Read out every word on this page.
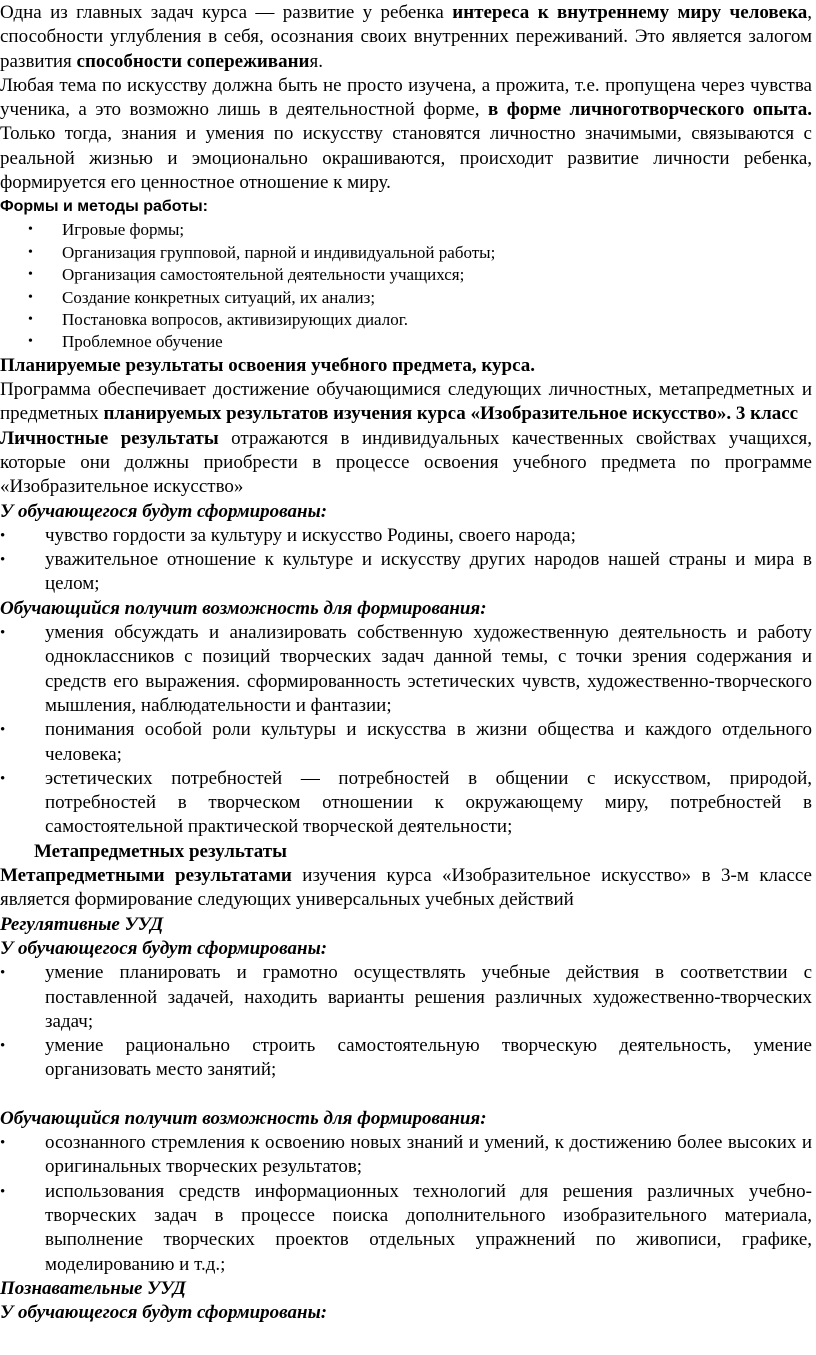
Одна из главных задач курса — развитие у ребенка интереса к внутреннему миру человека, способности углубления в себя, осознания своих внутренних переживаний. Это является залогом развития способности сопереживания.

Любая тема по искусству должна быть не просто изучена, а прожита, т.е. пропущена через чувства ученика, а это возможно лишь в деятельностной форме, в форме личноготворческого опыта. Только тогда, знания и умения по искусству становятся личностно значимыми, связываются с реальной жизнью и эмоционально окрашиваются, происходит развитие личности ребенка, формируется его ценностное отношение к миру.

Формы и методы работы:
• Игровые формы;
• Организация групповой, парной и индивидуальной работы;
• Организация самостоятельной деятельности учащихся;
• Создание конкретных ситуаций, их анализ;
• Постановка вопросов, активизирующих диалог.
• Проблемное обучение

Планируемые результаты освоения учебного предмета, курса.

Программа обеспечивает достижение обучающимися следующих личностных, метапредметных и предметных планируемых результатов изучения курса «Изобразительное искусство». 3 класс

Личностные результаты отражаются в индивидуальных качественных свойствах учащихся, которые они должны приобрести в процессе освоения учебного предмета по программе «Изобразительное искусство»

У обучающегося будут сформированы:
• чувство гордости за культуру и искусство Родины, своего народа;
• уважительное отношение к культуре и искусству других народов нашей страны и мира в целом;
Обучающийся получит возможность для формирования:
• умения обсуждать и анализировать собственную художественную деятельность и работу одноклассников с позиций творческих задач данной темы, с точки зрения содержания и средств его выражения. сформированность эстетических чувств, художественно-творческого мышления, наблюдательности и фантазии;
• понимания особой роли культуры и искусства в жизни общества и каждого отдельного человека;
• эстетических потребностей — потребностей в общении с искусством, природой, потребностей в творческом отношении к окружающему миру, потребностей в самостоятельной практической творческой деятельности;
Метапредметных результаты

Метапредметными результатами изучения курса «Изобразительное искусство» в 3-м классе является формирование следующих универсальных учебных действий

Регулятивные УУД
У обучающегося будут сформированы:
• умение планировать и грамотно осуществлять учебные действия в соответствии с поставленной задачей, находить варианты решения различных художественно-творческих задач;
• умение рационально строить самостоятельную творческую деятельность, умение организовать место занятий;
Обучающийся получит возможность для формирования:
• осознанного стремления к освоению новых знаний и умений, к достижению более высоких и оригинальных творческих результатов;
• использования средств информационных технологий для решения различных учебно-творческих задач в процессе поиска дополнительного изобразительного материала, выполнение творческих проектов отдельных упражнений по живописи, графике, моделированию и т.д.;
Познавательные УУД
У обучающегося будут сформированы:
